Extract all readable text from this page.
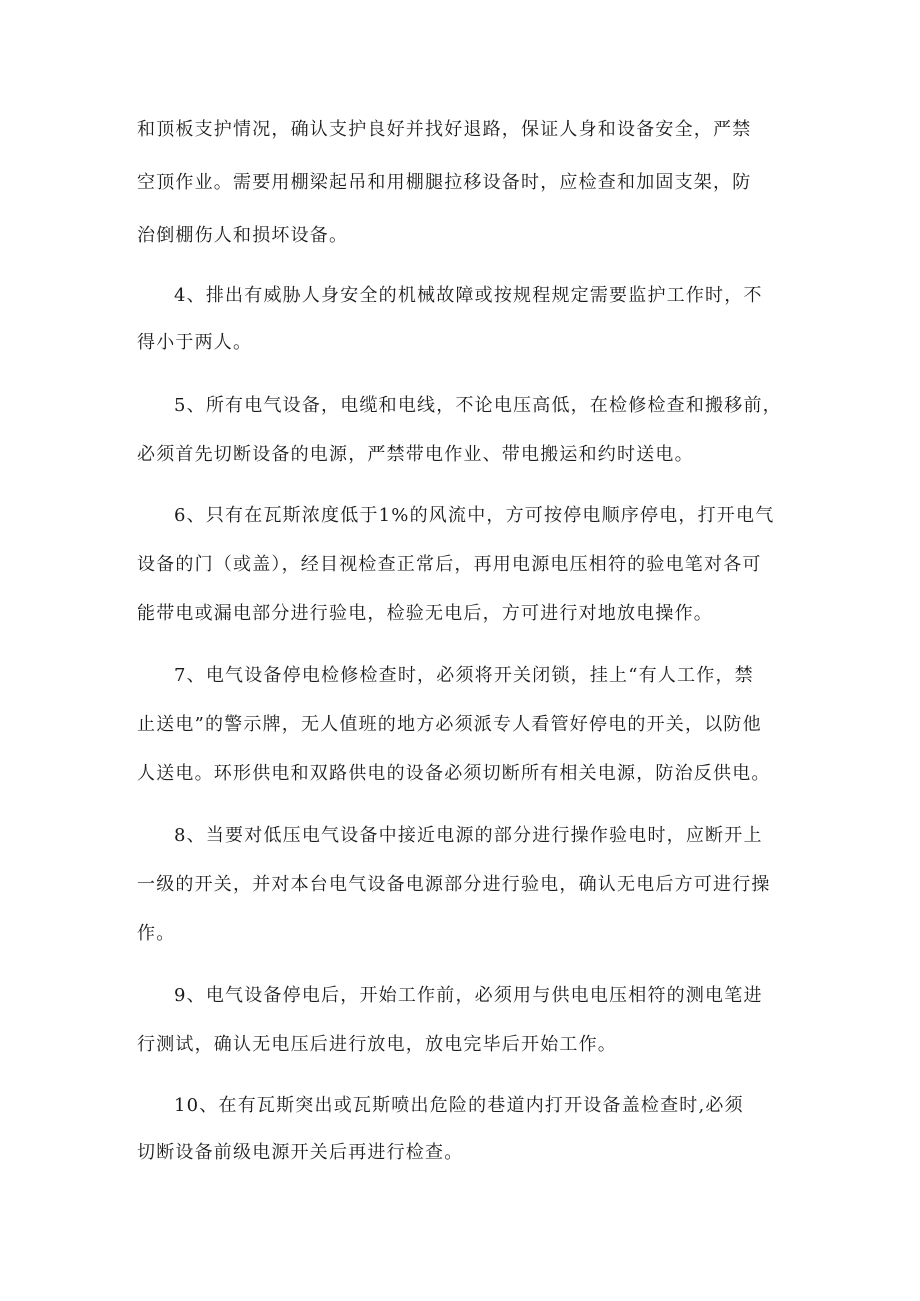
和顶板支护情况，确认支护良好并找好退路，保证人身和设备安全，严禁
空顶作业。需要用棚梁起吊和用棚腿拉移设备时，应检查和加固支架，防
治倒棚伤人和损坏设备。
4、排出有威胁人身安全的机械故障或按规程规定需要监护工作时，不
得小于两人。
5、所有电气设备，电缆和电线，不论电压高低，在检修检查和搬移前，
必须首先切断设备的电源，严禁带电作业、带电搬运和约时送电。
6、只有在瓦斯浓度低于1%的风流中，方可按停电顺序停电，打开电气
设备的门（或盖），经目视检查正常后，再用电源电压相符的验电笔对各可
能带电或漏电部分进行验电，检验无电后，方可进行对地放电操作。
7、电气设备停电检修检查时，必须将开关闭锁，挂上“有人工作，禁
止送电”的警示牌，无人值班的地方必须派专人看管好停电的开关，以防他
人送电。环形供电和双路供电的设备必须切断所有相关电源，防治反供电。
8、当要对低压电气设备中接近电源的部分进行操作验电时，应断开上
一级的开关，并对本台电气设备电源部分进行验电，确认无电后方可进行操
作。
9、电气设备停电后，开始工作前，必须用与供电电压相符的测电笔进
行测试，确认无电压后进行放电，放电完毕后开始工作。
10、在有瓦斯突出或瓦斯喷出危险的巷道内打开设备盖检查时,必须
切断设备前级电源开关后再进行检查。
